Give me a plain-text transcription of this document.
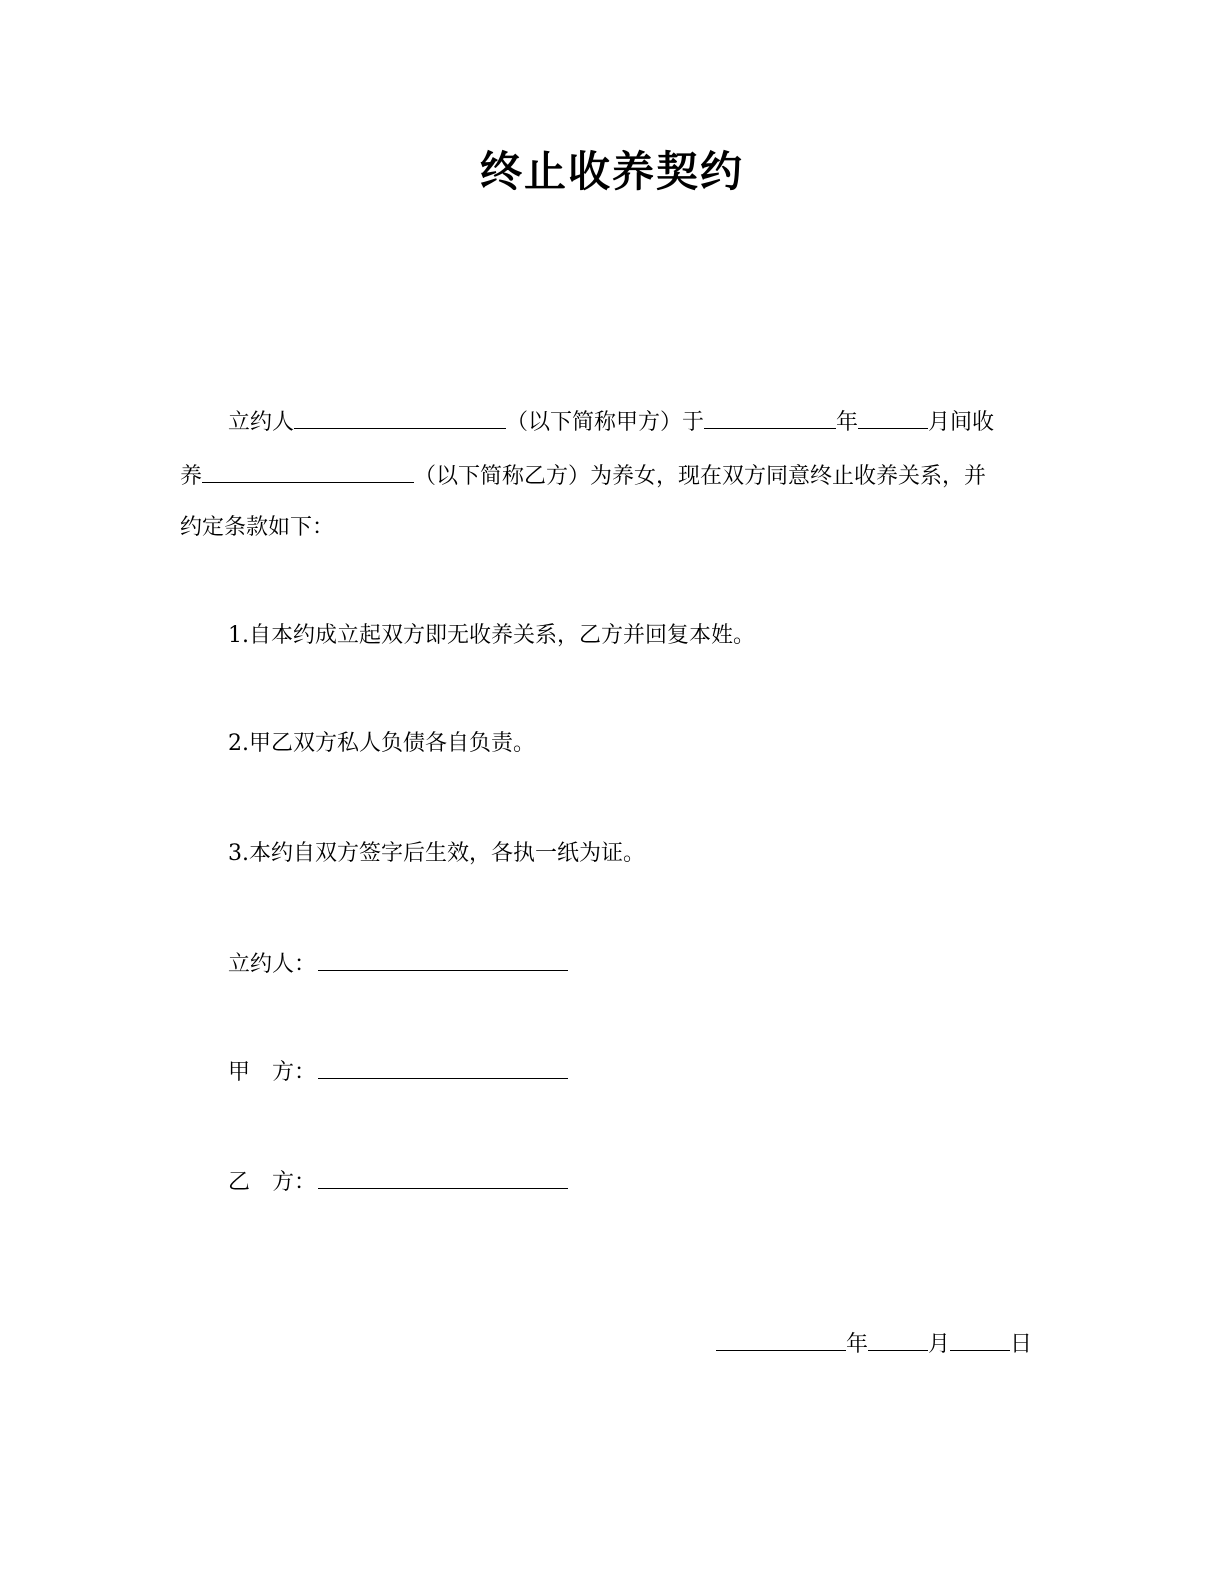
终止收养契约
立约人	（以下简称甲方）于	年	月间收
养	（以下简称乙方）为养女，现在双方同意终止收养关系，并
约定条款如下：
1.自本约成立起双方即无收养关系，乙方并回复本姓。
2.甲乙双方私人负债各自负责。
3.本约自双方签字后生效，各执一纸为证。
立约人：
甲　方：
乙　方：
年	月	日
